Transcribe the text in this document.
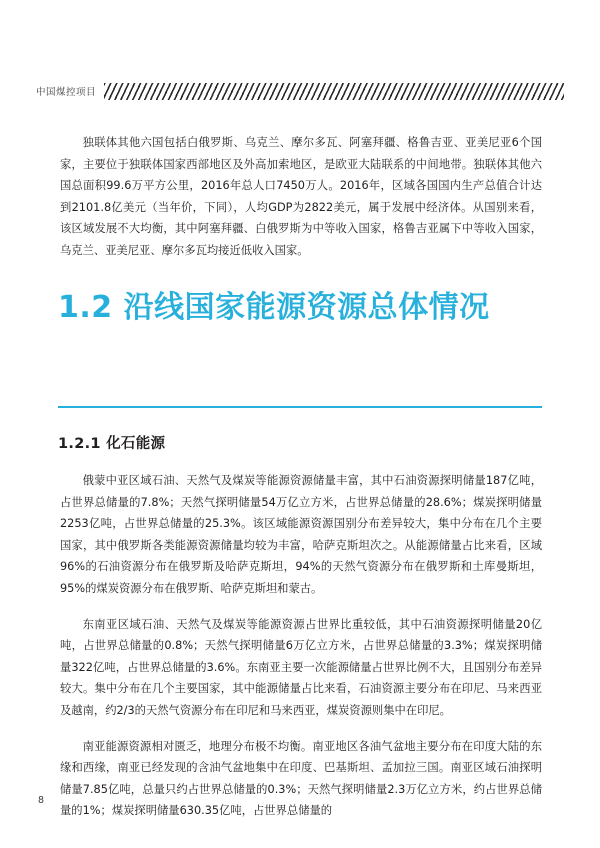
中国煤控项目

独联体其他六国包括白俄罗斯、乌克兰、摩尔多瓦、阿塞拜疆、格鲁吉亚、亚美尼亚6个国家，主要位于独联体国家西部地区及外高加索地区，是欧亚大陆联系的中间地带。独联体其他六国总面积99.6万平方公里，2016年总人口7450万人。2016年，区域各国国内生产总值合计达到2101.8亿美元（当年价，下同），人均GDP为2822美元，属于发展中经济体。从国别来看，该区域发展不大均衡，其中阿塞拜疆、白俄罗斯为中等收入国家，格鲁吉亚属下中等收入国家，乌克兰、亚美尼亚、摩尔多瓦均接近低收入国家。

1.2 沿线国家能源资源总体情况
1.2.1 化石能源

俄蒙中亚区域石油、天然气及煤炭等能源资源储量丰富，其中石油资源探明储量187亿吨，占世界总储量的7.8%；天然气探明储量54万亿立方米，占世界总储量的28.6%；煤炭探明储量2253亿吨，占世界总储量的25.3%。该区域能源资源国别分布差异较大，集中分布在几个主要国家，其中俄罗斯各类能源资源储量均较为丰富，哈萨克斯坦次之。从能源储量占比来看，区域96%的石油资源分布在俄罗斯及哈萨克斯坦，94%的天然气资源分布在俄罗斯和土库曼斯坦，95%的煤炭资源分布在俄罗斯、哈萨克斯坦和蒙古。

东南亚区域石油、天然气及煤炭等能源资源占世界比重较低，其中石油资源探明储量20亿吨，占世界总储量的0.8%；天然气探明储量6万亿立方米，占世界总储量的3.3%；煤炭探明储量322亿吨，占世界总储量的3.6%。东南亚主要一次能源储量占世界比例不大，且国别分布差异较大。集中分布在几个主要国家，其中能源储量占比来看，石油资源主要分布在印尼、马来西亚及越南，约2/3的天然气资源分布在印尼和马来西亚，煤炭资源则集中在印尼。

南亚能源资源相对匮乏，地理分布极不均衡。南亚地区各油气盆地主要分布在印度大陆的东缘和西缘，南亚已经发现的含油气盆地集中在印度、巴基斯坦、孟加拉三国。南亚区域石油探明储量7.85亿吨，总量只约占世界总储量的0.3%；天然气探明储量2.3万亿立方米，约占世界总储量的1%；煤炭探明储量630.35亿吨，占世界总储量的

8
